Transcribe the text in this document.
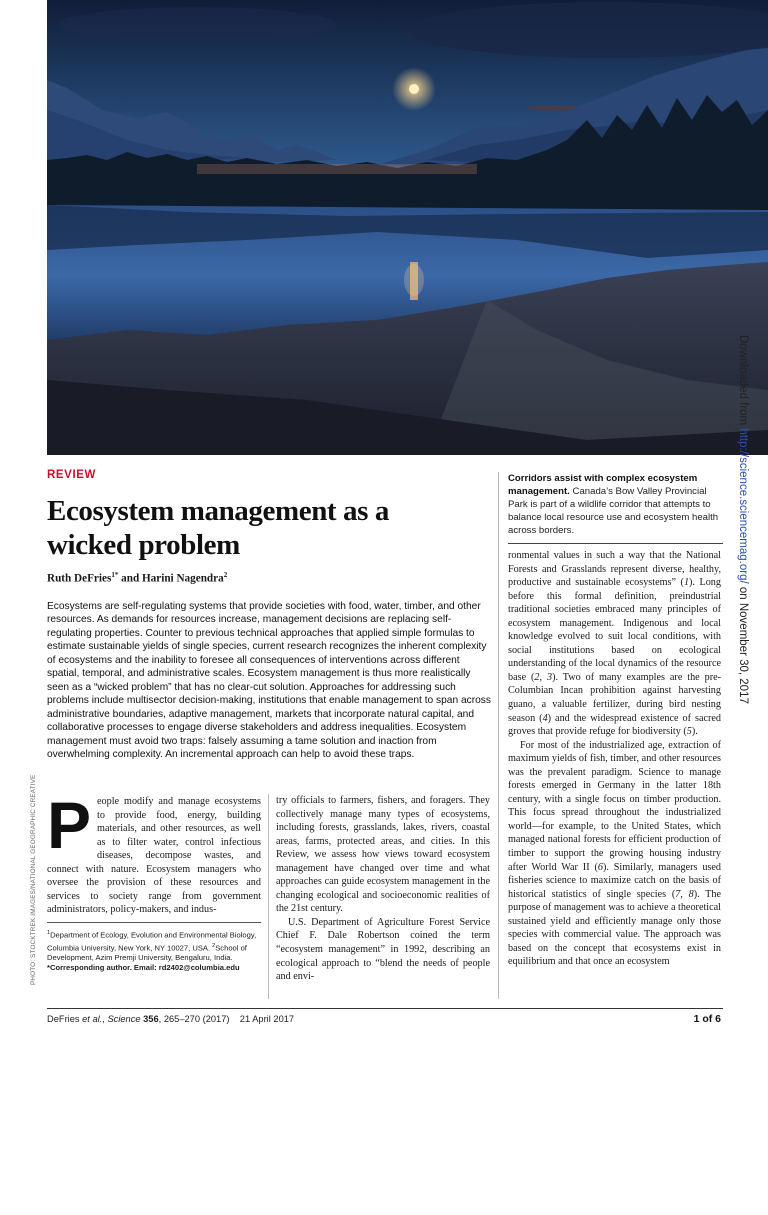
Downloaded from http://science.sciencemag.org/ on November 30, 2017
PHOTO: STOCKTREK IMAGES/NATIONAL GEOGRAPHIC CREATIVE
REVIEW
Ecosystem management as a wicked problem
Ruth DeFries$^{1*}$ and Harini Nagendra$^2$

Ecosystems are self-regulating systems that provide societies with food, water, timber, and other resources. As demands for resources increase, management decisions are replacing self-regulating properties. Counter to previous technical approaches that applied simple formulas to estimate sustainable yields of single species, current research recognizes the inherent complexity of ecosystems and the inability to foresee all consequences of interventions across different spatial, temporal, and administrative scales. Ecosystem management is thus more realistically seen as a “wicked problem” that has no clear-cut solution. Approaches for addressing such problems include multisector decision-making, institutions that enable management to span across administrative boundaries, adaptive management, markets that incorporate natural capital, and collaborative processes to engage diverse stakeholders and address inequalities. Ecosystem management must avoid two traps: falsely assuming a tame solution and inaction from overwhelming complexity. An incremental approach can help to avoid these traps.

People modify and manage ecosystems to provide food, energy, building materials, and other resources, as well as to filter water, control infectious diseases, decompose wastes, and connect with nature. Ecosystem managers who oversee the provision of these resources and services to society range from government administrators, policy-makers, and indus-

$^1$Department of Ecology, Evolution and Environmental Biology, Columbia University, New York, NY 10027, USA. $^2$School of Development, Azim Premji University, Bengaluru, India.
*Corresponding author. Email: rd2402@columbia.edu

try officials to farmers, fishers, and foragers. They collectively manage many types of ecosystems, including forests, grasslands, lakes, rivers, coastal areas, farms, protected areas, and cities. In this Review, we assess how views toward ecosystem management have changed over time and what approaches can guide ecosystem management in the changing ecological and socioeconomic realities of the 21st century.

U.S. Department of Agriculture Forest Service Chief F. Dale Robertson coined the term “ecosystem management” in 1992, describing an ecological approach to “blend the needs of people and envi-

Corridors assist with complex ecosystem management. Canada’s Bow Valley Provincial Park is part of a wildlife corridor that attempts to balance local resource use and ecosystem health across borders.

ronmental values in such a way that the National Forests and Grasslands represent diverse, healthy, productive and sustainable ecosystems” (1). Long before this formal definition, preindustrial traditional societies embraced many principles of ecosystem management. Indigenous and local knowledge evolved to suit local conditions, with social institutions based on ecological understanding of the local dynamics of the resource base (2, 3). Two of many examples are the pre-Columbian Incan prohibition against harvesting guano, a valuable fertilizer, during bird nesting season (4) and the widespread existence of sacred groves that provide refuge for biodiversity (5).

For most of the industrialized age, extraction of maximum yields of fish, timber, and other resources was the prevalent paradigm. Science to manage forests emerged in Germany in the latter 18th century, with a single focus on timber production. This focus spread throughout the industrialized world—for example, to the United States, which managed national forests for efficient production of timber to support the growing housing industry after World War II (6). Similarly, managers used fisheries science to maximize catch on the basis of historical statistics of single species (7, 8). The purpose of management was to achieve a theoretical sustained yield and efficiently manage only those species with commercial value. The approach was based on the concept that ecosystems exist in equilibrium and that once an ecosystem

DeFries et al., Science 356, 265–270 (2017)    21 April 2017	1 of 6
